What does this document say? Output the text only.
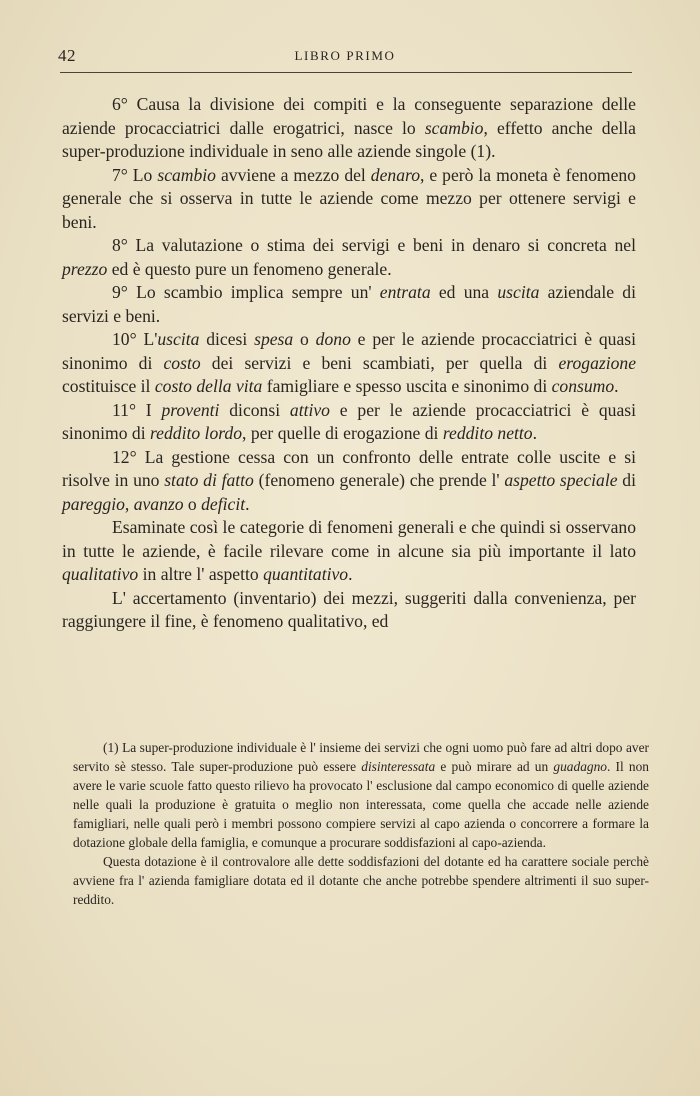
42	LIBRO PRIMO

6° Causa la divisione dei compiti e la conseguente separazione delle aziende procacciatrici dalle erogatrici, nasce lo scambio, effetto anche della super-produzione individuale in seno alle aziende singole (1).

7° Lo scambio avviene a mezzo del denaro, e però la moneta è fenomeno generale che si osserva in tutte le aziende come mezzo per ottenere servigi e beni.

8° La valutazione o stima dei servigi e beni in denaro si concreta nel prezzo ed è questo pure un fenomeno generale.

9° Lo scambio implica sempre un' entrata ed una uscita aziendale di servizi e beni.

10° L'uscita dicesi spesa o dono e per le aziende procacciatrici è quasi sinonimo di costo dei servizi e beni scambiati, per quella di erogazione costituisce il costo della vita famigliare e spesso uscita e sinonimo di consumo.

11° I proventi diconsi attivo e per le aziende procacciatrici è quasi sinonimo di reddito lordo, per quelle di erogazione di reddito netto.

12° La gestione cessa con un confronto delle entrate colle uscite e si risolve in uno stato di fatto (fenomeno generale) che prende l' aspetto speciale di pareggio, avanzo o deficit.

Esaminate così le categorie di fenomeni generali e che quindi si osservano in tutte le aziende, è facile rilevare come in alcune sia più importante il lato qualitativo in altre l' aspetto quantitativo.

L' accertamento (inventario) dei mezzi, suggeriti dalla convenienza, per raggiungere il fine, è fenomeno qualitativo, ed

(1) La super-produzione individuale è l' insieme dei servizi che ogni uomo può fare ad altri dopo aver servito sè stesso. Tale super-produzione può essere disinteressata e può mirare ad un guadagno. Il non avere le varie scuole fatto questo rilievo ha provocato l' esclusione dal campo economico di quelle aziende nelle quali la produzione è gratuita o meglio non interessata, come quella che accade nelle aziende famigliari, nelle quali però i membri possono compiere servizi al capo azienda o concorrere a formare la dotazione globale della famiglia, e comunque a procurare soddisfazioni al capo-azienda.

Questa dotazione è il controvalore alle dette soddisfazioni del dotante ed ha carattere sociale perchè avviene fra l' azienda famigliare dotata ed il dotante che anche potrebbe spendere altrimenti il suo super-reddito.
